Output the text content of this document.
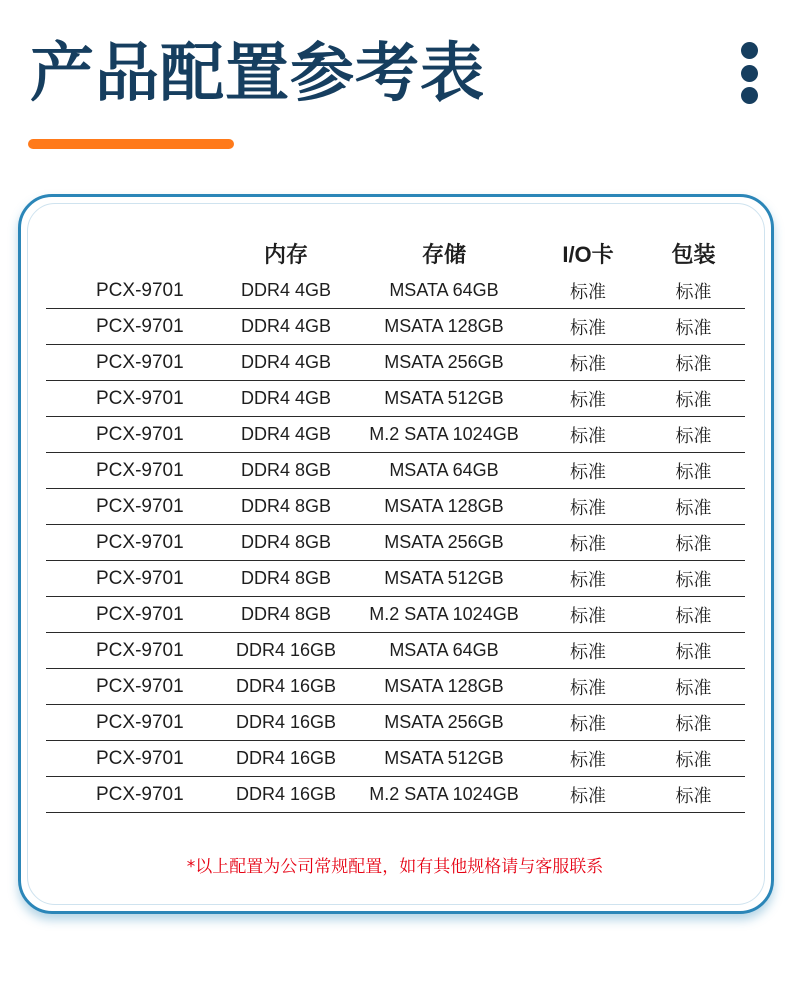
产品配置参考表
	内存	存储	I/O卡	包装
PCX-9701	DDR4 4GB	MSATA 64GB	标准	标准
PCX-9701	DDR4 4GB	MSATA 128GB	标准	标准
PCX-9701	DDR4 4GB	MSATA 256GB	标准	标准
PCX-9701	DDR4 4GB	MSATA 512GB	标准	标准
PCX-9701	DDR4 4GB	M.2 SATA 1024GB	标准	标准
PCX-9701	DDR4 8GB	MSATA 64GB	标准	标准
PCX-9701	DDR4 8GB	MSATA 128GB	标准	标准
PCX-9701	DDR4 8GB	MSATA 256GB	标准	标准
PCX-9701	DDR4 8GB	MSATA 512GB	标准	标准
PCX-9701	DDR4 8GB	M.2 SATA 1024GB	标准	标准
PCX-9701	DDR4 16GB	MSATA 64GB	标准	标准
PCX-9701	DDR4 16GB	MSATA 128GB	标准	标准
PCX-9701	DDR4 16GB	MSATA 256GB	标准	标准
PCX-9701	DDR4 16GB	MSATA 512GB	标准	标准
PCX-9701	DDR4 16GB	M.2 SATA 1024GB	标准	标准

*以上配置为公司常规配置，如有其他规格请与客服联系
